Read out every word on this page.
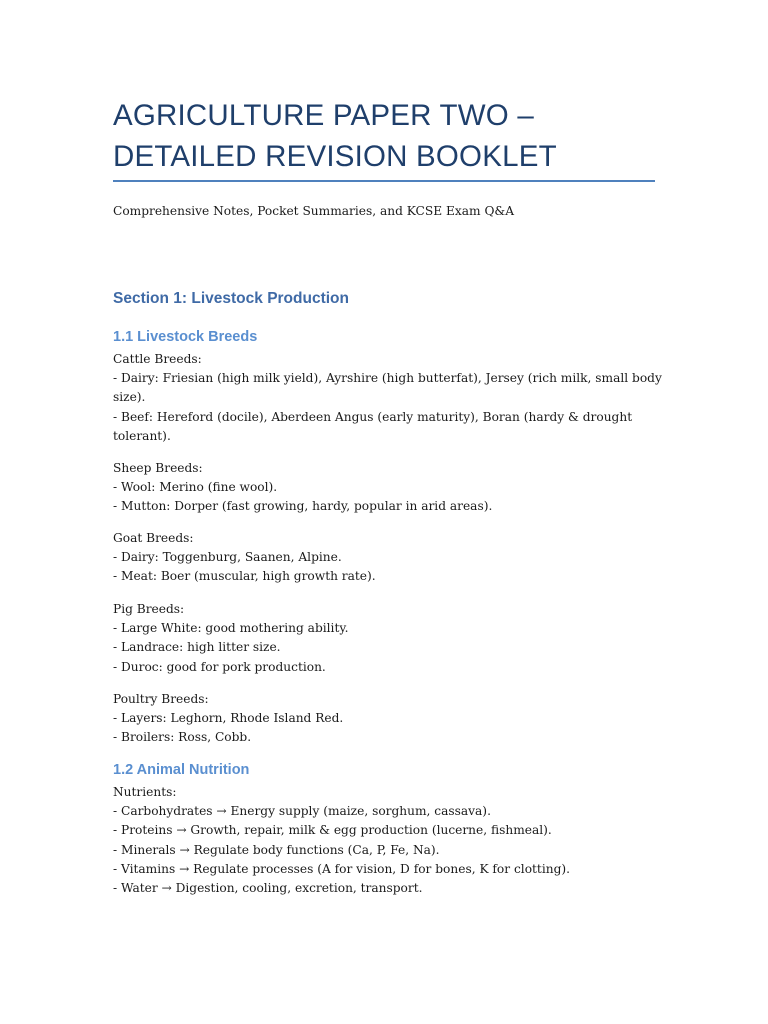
AGRICULTURE PAPER TWO – DETAILED REVISION BOOKLET
Comprehensive Notes, Pocket Summaries, and KCSE Exam Q&A
Section 1: Livestock Production
1.1 Livestock Breeds
Cattle Breeds:
- Dairy: Friesian (high milk yield), Ayrshire (high butterfat), Jersey (rich milk, small body
size).
- Beef: Hereford (docile), Aberdeen Angus (early maturity), Boran (hardy & drought
tolerant).
Sheep Breeds:
- Wool: Merino (fine wool).
- Mutton: Dorper (fast growing, hardy, popular in arid areas).
Goat Breeds:
- Dairy: Toggenburg, Saanen, Alpine.
- Meat: Boer (muscular, high growth rate).
Pig Breeds:
- Large White: good mothering ability.
- Landrace: high litter size.
- Duroc: good for pork production.
Poultry Breeds:
- Layers: Leghorn, Rhode Island Red.
- Broilers: Ross, Cobb.
1.2 Animal Nutrition
Nutrients:
- Carbohydrates → Energy supply (maize, sorghum, cassava).
- Proteins → Growth, repair, milk & egg production (lucerne, fishmeal).
- Minerals → Regulate body functions (Ca, P, Fe, Na).
- Vitamins → Regulate processes (A for vision, D for bones, K for clotting).
- Water → Digestion, cooling, excretion, transport.
